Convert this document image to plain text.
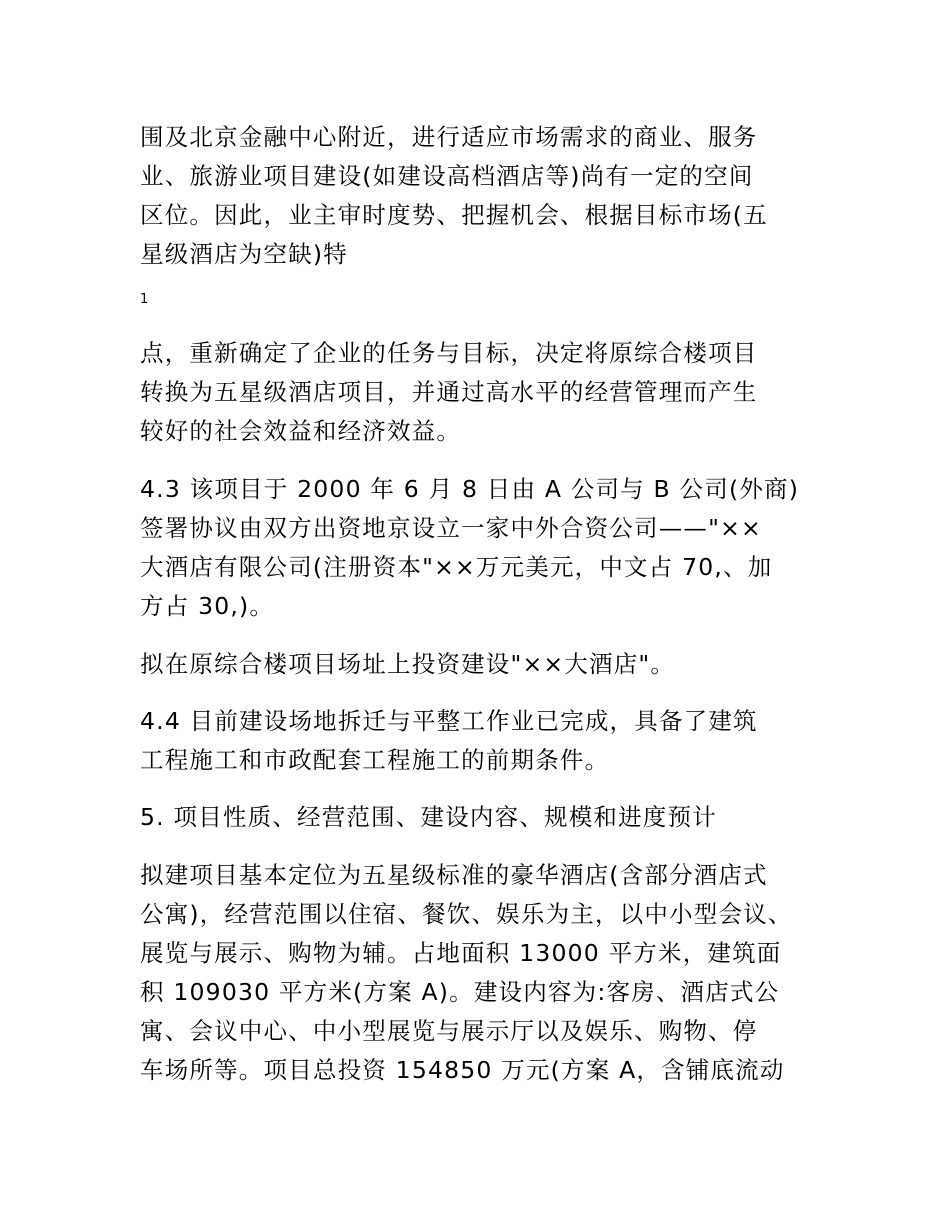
围及北京金融中心附近，进行适应市场需求的商业、服务
业、旅游业项目建设(如建设高档酒店等)尚有一定的空间
区位。因此，业主审时度势、把握机会、根据目标市场(五
星级酒店为空缺)特

1

点，重新确定了企业的任务与目标，决定将原综合楼项目
转换为五星级酒店项目，并通过高水平的经营管理而产生
较好的社会效益和经济效益。

4.3 该项目于 2000 年 6 月 8 日由 A 公司与 B 公司(外商)
签署协议由双方出资地京设立一家中外合资公司——"××
大酒店有限公司(注册资本"××万元美元，中文占 70,、加
方占 30,)。

拟在原综合楼项目场址上投资建设"××大酒店"。

4.4 目前建设场地拆迁与平整工作业已完成，具备了建筑
工程施工和市政配套工程施工的前期条件。

5. 项目性质、经营范围、建设内容、规模和进度预计

拟建项目基本定位为五星级标准的豪华酒店(含部分酒店式
公寓)，经营范围以住宿、餐饮、娱乐为主，以中小型会议、
展览与展示、购物为辅。占地面积 13000 平方米，建筑面
积 109030 平方米(方案 A)。建设内容为:客房、酒店式公
寓、会议中心、中小型展览与展示厅以及娱乐、购物、停
车场所等。项目总投资 154850 万元(方案 A，含铺底流动
